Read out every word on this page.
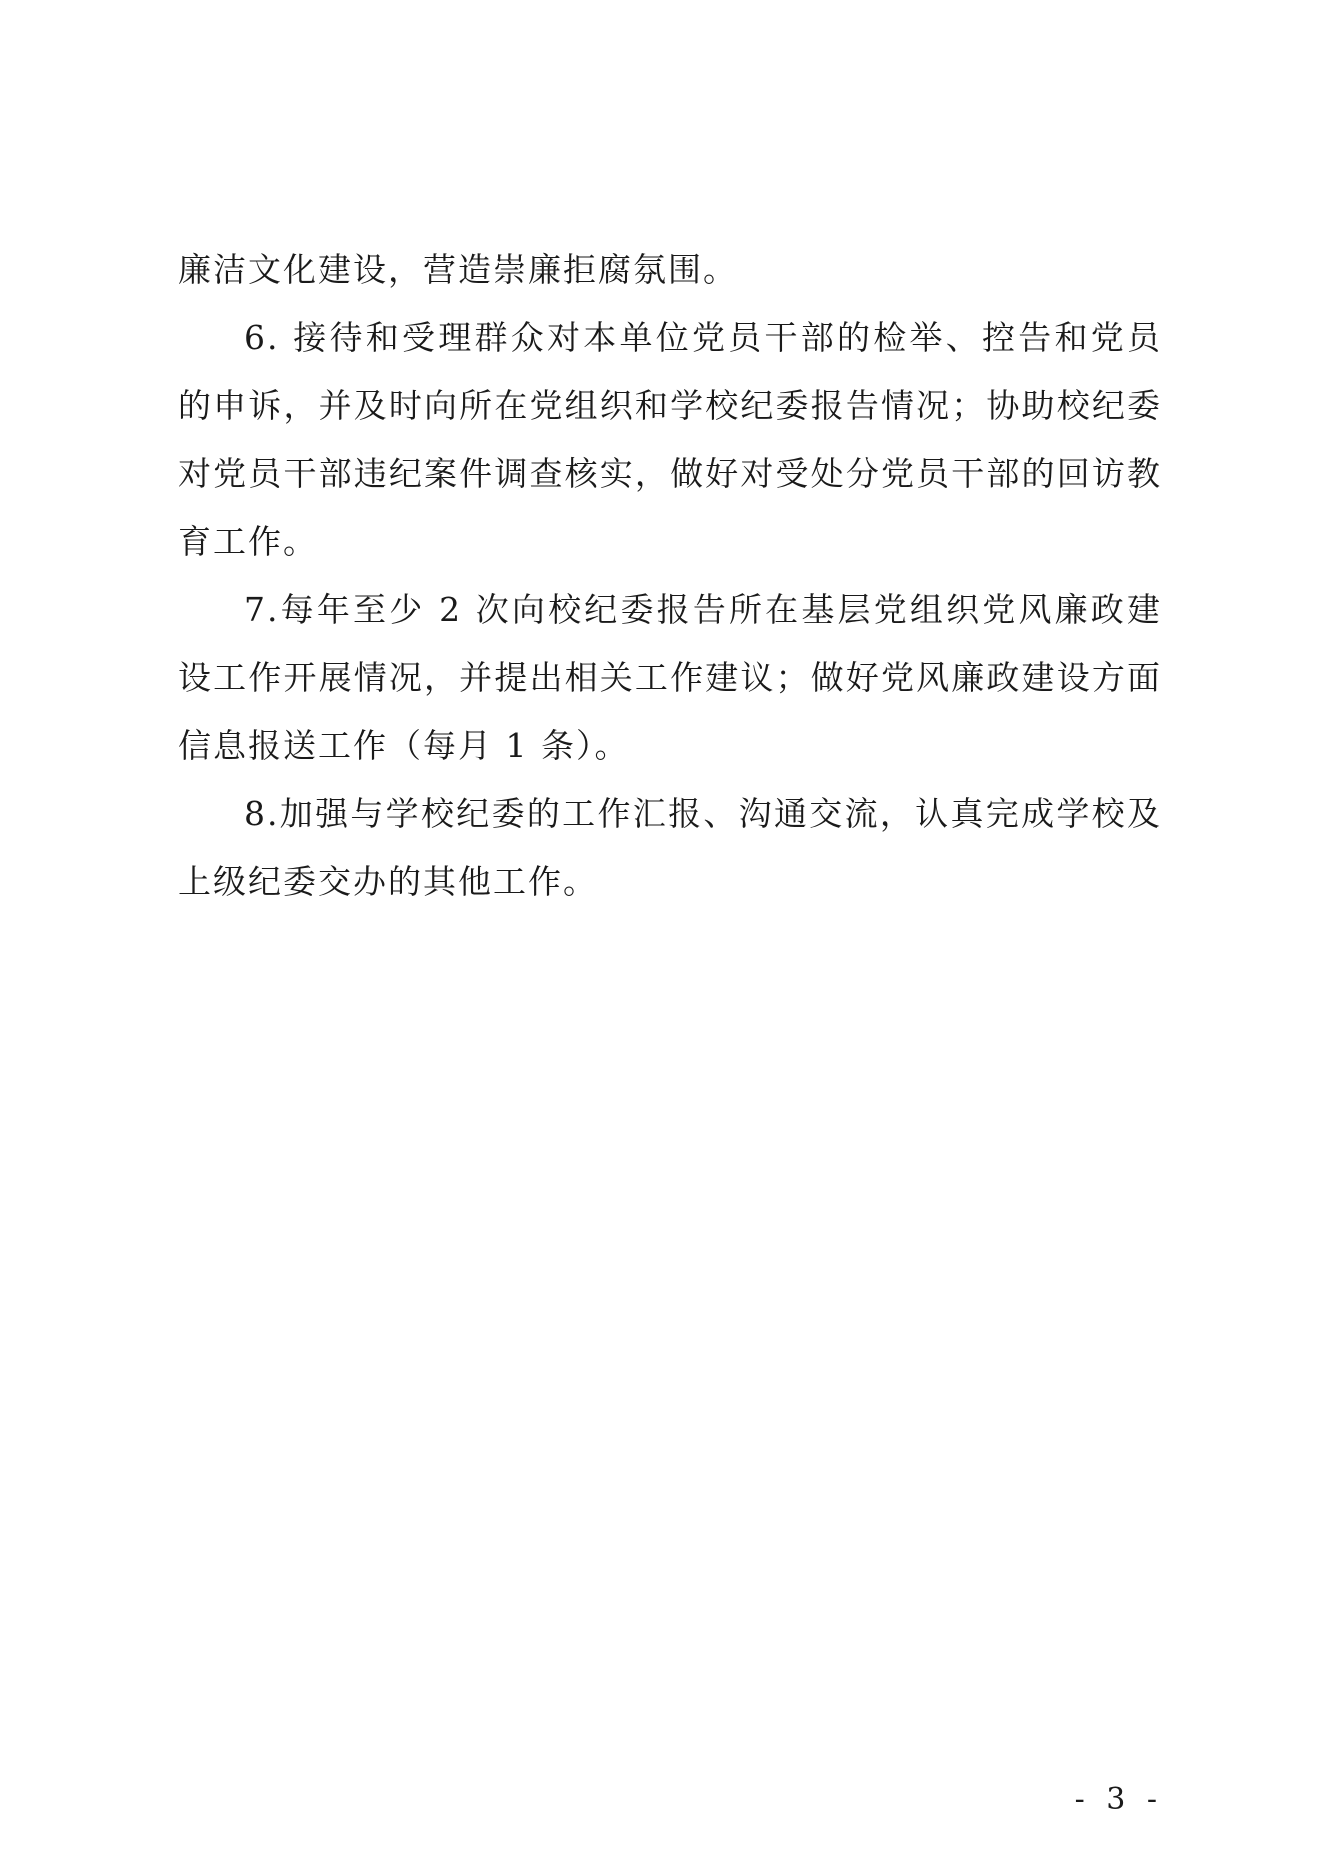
廉洁文化建设，营造崇廉拒腐氛围。

6. 接待和受理群众对本单位党员干部的检举、控告和党员的申诉，并及时向所在党组织和学校纪委报告情况；协助校纪委对党员干部违纪案件调查核实，做好对受处分党员干部的回访教育工作。

7.每年至少 2 次向校纪委报告所在基层党组织党风廉政建设工作开展情况，并提出相关工作建议；做好党风廉政建设方面信息报送工作（每月 1 条）。

8.加强与学校纪委的工作汇报、沟通交流，认真完成学校及上级纪委交办的其他工作。

- 3 -
